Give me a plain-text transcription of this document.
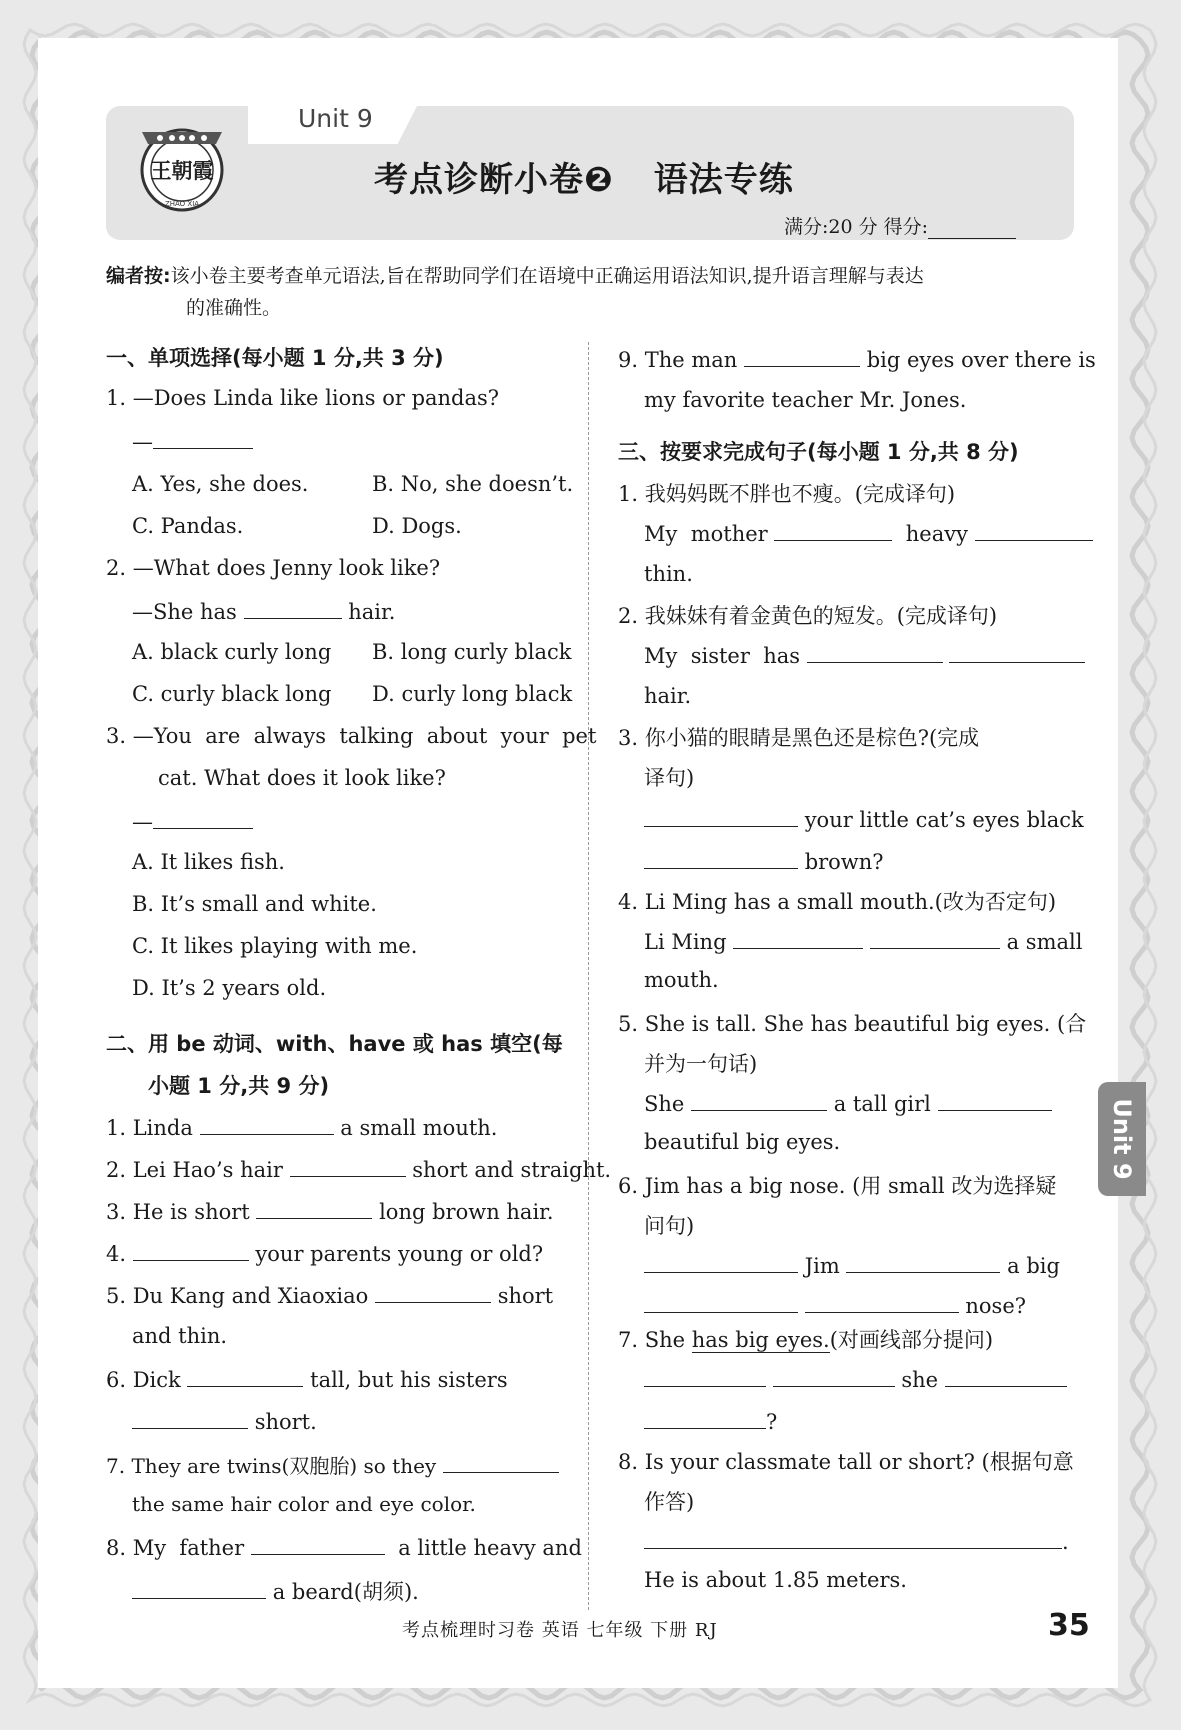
王朝霞
ZHAO XIA
Unit 9
考点诊断小卷❷ 语法专练
满分:20 分 得分:
编者按:该小卷主要考查单元语法,旨在帮助同学们在语境中正确运用语法知识,提升语言理解与表达
的准确性。
一、单项选择(每小题 1 分,共 3 分)
1. —Does Linda like lions or pandas?
—
A. Yes, she does.	B. No, she doesn’t.
C. Pandas.	D. Dogs.
2. —What does Jenny look like?
—She has	hair.
A. black curly long B. long curly black
C. curly black long D. curly long black
3. —You  are  always  talking  about  your  pet
cat. What does it look like?
—
A. It likes fish.
B. It’s small and white.
C. It likes playing with me.
D. It’s 2 years old.
二、用 be 动词、with、have 或 has 填空(每
小题 1 分,共 9 分)
1. Linda	a small mouth.
2. Lei Hao’s hair	short and straight.
3. He is short	long brown hair.
4.	your parents young or old?
5. Du Kang and Xiaoxiao	short
and thin.
6. Dick	tall, but his sisters
short.
7. They are twins(双胞胎) so they
the same hair color and eye color.
8. My  father	a little heavy and
a beard(胡须).
9. The man	big eyes over there is
my favorite teacher Mr. Jones.
三、按要求完成句子(每小题 1 分,共 8 分)
1. 我妈妈既不胖也不瘦。(完成译句)
My  mother	heavy
thin.
2. 我妹妹有着金黄色的短发。(完成译句)
My  sister  has
hair.
3. 你小猫的眼睛是黑色还是棕色?(完成
译句)
your little cat’s eyes black
brown?
4. Li Ming has a small mouth.(改为否定句)
Li Ming	a small
mouth.
5. She is tall. She has beautiful big eyes. (合
并为一句话)
She	a tall girl
beautiful big eyes.
6. Jim has a big nose. (用 small 改为选择疑
问句)
Jim	a big
nose?
7. She has big eyes.(对画线部分提问)
she
?
8. Is your classmate tall or short? (根据句意
作答)
.
He is about 1.85 meters.
Unit 9
考点梳理时习卷 英语 七年级 下册 RJ	35
